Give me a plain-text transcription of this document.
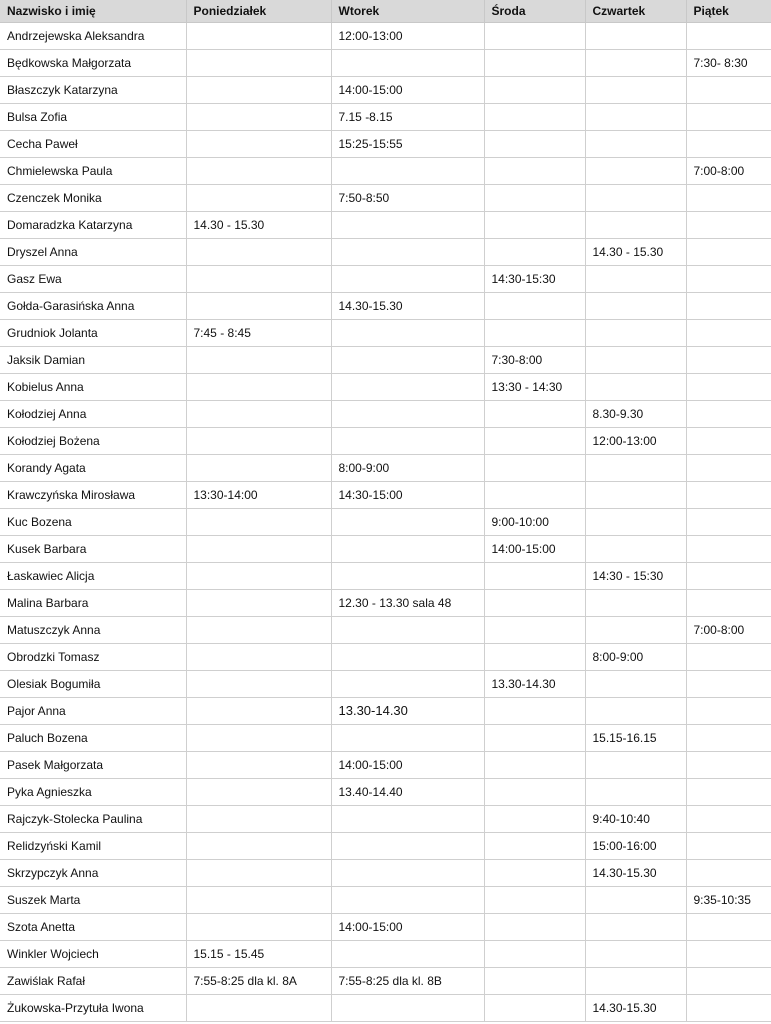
Nazwisko i imię	Poniedziałek	Wtorek	Środa	Czwartek	Piątek
Andrzejewska Aleksandra		12:00-13:00			
Będkowska Małgorzata					7:30- 8:30
Błaszczyk Katarzyna		14:00-15:00			
Bulsa Zofia		7.15 -8.15			
Cecha Paweł		15:25-15:55			
Chmielewska Paula					7:00-8:00
Czenczek Monika		7:50-8:50			
Domaradzka Katarzyna	14.30 - 15.30				
Dryszel Anna				14.30 - 15.30	
Gasz Ewa			14:30-15:30		
Gołda-Garasińska Anna		14.30-15.30			
Grudniok Jolanta	7:45 - 8:45				
Jaksik Damian			7:30-8:00		
Kobielus Anna			13:30 - 14:30		
Kołodziej Anna				8.30-9.30	
Kołodziej Bożena				12:00-13:00	
Korandy Agata		8:00-9:00			
Krawczyńska Mirosława	13:30-14:00	14:30-15:00			
Kuc Bozena			9:00-10:00		
Kusek Barbara			14:00-15:00		
Łaskawiec Alicja				14:30 - 15:30	
Malina Barbara		12.30 - 13.30 sala 48			
Matuszczyk Anna					7:00-8:00
Obrodzki Tomasz				8:00-9:00	
Olesiak Bogumiła			13.30-14.30		
Pajor Anna		13.30-14.30			
Paluch Bozena				15.15-16.15	
Pasek Małgorzata		14:00-15:00			
Pyka Agnieszka		13.40-14.40			
Rajczyk-Stolecka Paulina				9:40-10:40	
Relidzyński Kamil				15:00-16:00	
Skrzypczyk Anna				14.30-15.30	
Suszek Marta					9:35-10:35
Szota Anetta		14:00-15:00			
Winkler Wojciech	15.15 - 15.45				
Zawiślak Rafał	7:55-8:25 dla kl. 8A	7:55-8:25 dla kl. 8B			
Żukowska-Przytuła Iwona				14.30-15.30	
